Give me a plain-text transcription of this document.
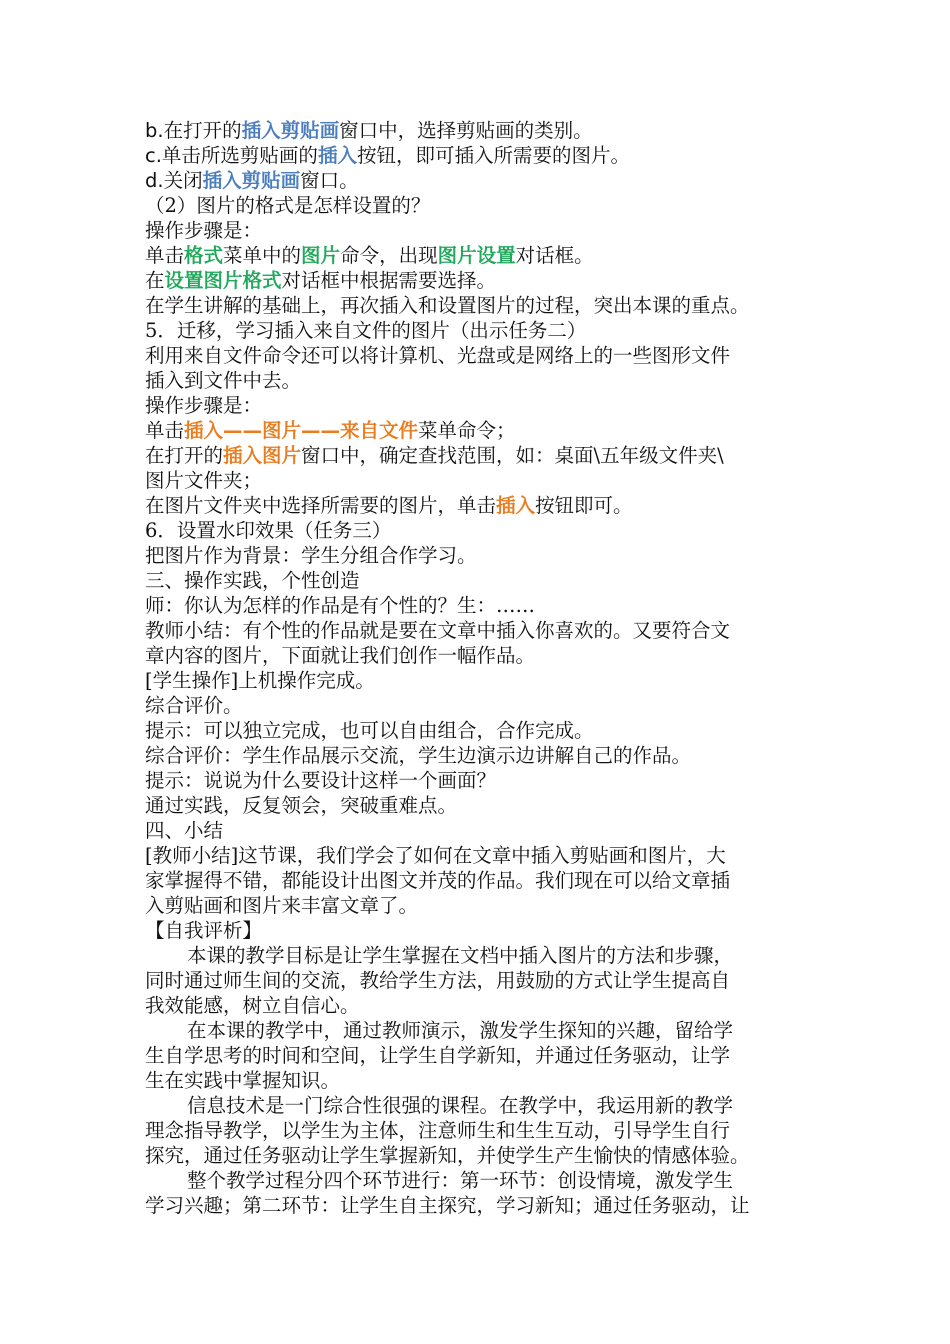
b.在打开的插入剪贴画窗口中，选择剪贴画的类别。
c.单击所选剪贴画的插入按钮，即可插入所需要的图片。
d.关闭插入剪贴画窗口。
（2）图片的格式是怎样设置的？
操作步骤是：
单击格式菜单中的图片命令，出现图片设置对话框。
在设置图片格式对话框中根据需要选择。
在学生讲解的基础上，再次插入和设置图片的过程，突出本课的重点。
5．迁移，学习插入来自文件的图片（出示任务二）
利用来自文件命令还可以将计算机、光盘或是网络上的一些图形文件
插入到文件中去。
操作步骤是：
单击插入——图片——来自文件菜单命令；
在打开的插入图片窗口中，确定查找范围，如：桌面\五年级文件夹\
图片文件夹；
在图片文件夹中选择所需要的图片，单击插入按钮即可。
6．设置水印效果（任务三）
把图片作为背景：学生分组合作学习。
三、操作实践，个性创造
师：你认为怎样的作品是有个性的？生：……
教师小结：有个性的作品就是要在文章中插入你喜欢的。又要符合文
章内容的图片，下面就让我们创作一幅作品。
[学生操作]上机操作完成。
综合评价。
提示：可以独立完成，也可以自由组合，合作完成。
综合评价：学生作品展示交流，学生边演示边讲解自己的作品。
提示：说说为什么要设计这样一个画面？
通过实践，反复领会，突破重难点。
四、小结
[教师小结]这节课，我们学会了如何在文章中插入剪贴画和图片，大
家掌握得不错，都能设计出图文并茂的作品。我们现在可以给文章插
入剪贴画和图片来丰富文章了。
【自我评析】
本课的教学目标是让学生掌握在文档中插入图片的方法和步骤，
同时通过师生间的交流，教给学生方法，用鼓励的方式让学生提高自
我效能感，树立自信心。
在本课的教学中，通过教师演示，激发学生探知的兴趣，留给学
生自学思考的时间和空间，让学生自学新知，并通过任务驱动，让学
生在实践中掌握知识。
信息技术是一门综合性很强的课程。在教学中，我运用新的教学
理念指导教学，以学生为主体，注意师生和生生互动，引导学生自行
探究，通过任务驱动让学生掌握新知，并使学生产生愉快的情感体验。
整个教学过程分四个环节进行：第一环节：创设情境，激发学生
学习兴趣；第二环节：让学生自主探究，学习新知；通过任务驱动，让
